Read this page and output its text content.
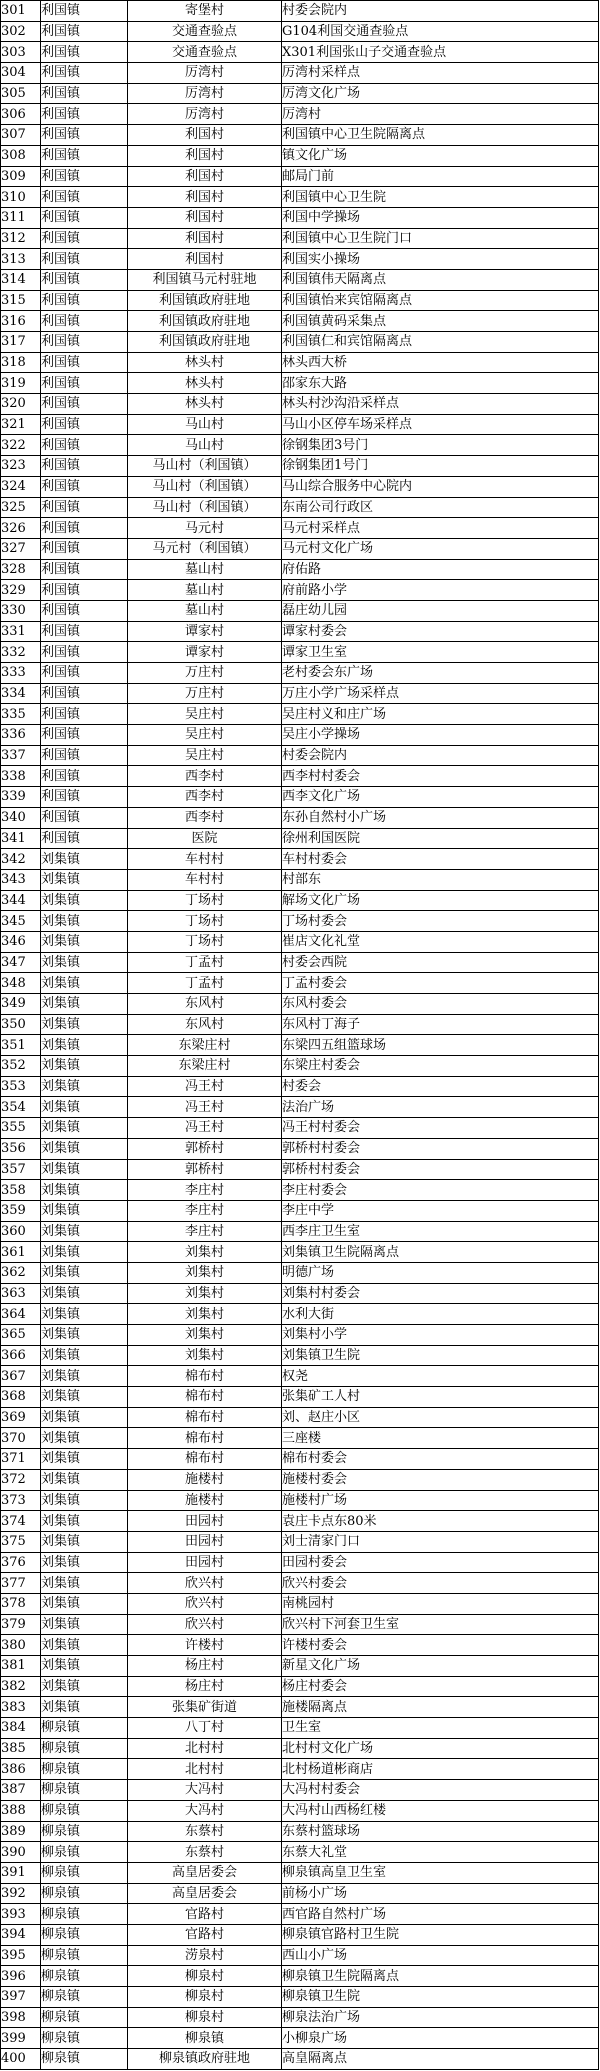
301	利国镇	寄堡村	村委会院内
302	利国镇	交通查验点	G104利国交通查验点
303	利国镇	交通查验点	X301利国张山子交通查验点
304	利国镇	厉湾村	厉湾村采样点
305	利国镇	厉湾村	厉湾文化广场
306	利国镇	厉湾村	厉湾村
307	利国镇	利国村	利国镇中心卫生院隔离点
308	利国镇	利国村	镇文化广场
309	利国镇	利国村	邮局门前
310	利国镇	利国村	利国镇中心卫生院
311	利国镇	利国村	利国中学操场
312	利国镇	利国村	利国镇中心卫生院门口
313	利国镇	利国村	利国实小操场
314	利国镇	利国镇马元村驻地	利国镇伟天隔离点
315	利国镇	利国镇政府驻地	利国镇怡来宾馆隔离点
316	利国镇	利国镇政府驻地	利国镇黄码采集点
317	利国镇	利国镇政府驻地	利国镇仁和宾馆隔离点
318	利国镇	林头村	林头西大桥
319	利国镇	林头村	邵家东大路
320	利国镇	林头村	林头村沙沟沿采样点
321	利国镇	马山村	马山小区停车场采样点
322	利国镇	马山村	徐钢集团3号门
323	利国镇	马山村（利国镇）	徐钢集团1号门
324	利国镇	马山村（利国镇）	马山综合服务中心院内
325	利国镇	马山村（利国镇）	东南公司行政区
326	利国镇	马元村	马元村采样点
327	利国镇	马元村（利国镇）	马元村文化广场
328	利国镇	墓山村	府佑路
329	利国镇	墓山村	府前路小学
330	利国镇	墓山村	磊庄幼儿园
331	利国镇	谭家村	谭家村委会
332	利国镇	谭家村	谭家卫生室
333	利国镇	万庄村	老村委会东广场
334	利国镇	万庄村	万庄小学广场采样点
335	利国镇	吴庄村	吴庄村义和庄广场
336	利国镇	吴庄村	吴庄小学操场
337	利国镇	吴庄村	村委会院内
338	利国镇	西李村	西李村村委会
339	利国镇	西李村	西李文化广场
340	利国镇	西李村	东孙自然村小广场
341	利国镇	医院	徐州利国医院
342	刘集镇	车村村	车村村委会
343	刘集镇	车村村	村部东
344	刘集镇	丁场村	解场文化广场
345	刘集镇	丁场村	丁场村委会
346	刘集镇	丁场村	崔店文化礼堂
347	刘集镇	丁孟村	村委会西院
348	刘集镇	丁孟村	丁孟村委会
349	刘集镇	东风村	东风村委会
350	刘集镇	东风村	东风村丁海子
351	刘集镇	东梁庄村	东梁四五组篮球场
352	刘集镇	东梁庄村	东梁庄村委会
353	刘集镇	冯王村	村委会
354	刘集镇	冯王村	法治广场
355	刘集镇	冯王村	冯王村村委会
356	刘集镇	郭桥村	郭桥村村委会
357	刘集镇	郭桥村	郭桥村村委会
358	刘集镇	李庄村	李庄村委会
359	刘集镇	李庄村	李庄中学
360	刘集镇	李庄村	西李庄卫生室
361	刘集镇	刘集村	刘集镇卫生院隔离点
362	刘集镇	刘集村	明德广场
363	刘集镇	刘集村	刘集村村委会
364	刘集镇	刘集村	水利大街
365	刘集镇	刘集村	刘集村小学
366	刘集镇	刘集村	刘集镇卫生院
367	刘集镇	棉布村	权尧
368	刘集镇	棉布村	张集矿工人村
369	刘集镇	棉布村	刘、赵庄小区
370	刘集镇	棉布村	三座楼
371	刘集镇	棉布村	棉布村委会
372	刘集镇	施楼村	施楼村委会
373	刘集镇	施楼村	施楼村广场
374	刘集镇	田园村	袁庄卡点东80米
375	刘集镇	田园村	刘士清家门口
376	刘集镇	田园村	田园村委会
377	刘集镇	欣兴村	欣兴村委会
378	刘集镇	欣兴村	南桃园村
379	刘集镇	欣兴村	欣兴村下河套卫生室
380	刘集镇	许楼村	许楼村委会
381	刘集镇	杨庄村	新星文化广场
382	刘集镇	杨庄村	杨庄村委会
383	刘集镇	张集矿街道	施楼隔离点
384	柳泉镇	八丁村	卫生室
385	柳泉镇	北村村	北村村文化广场
386	柳泉镇	北村村	北村杨道彬商店
387	柳泉镇	大冯村	大冯村村委会
388	柳泉镇	大冯村	大冯村山西杨红楼
389	柳泉镇	东蔡村	东蔡村篮球场
390	柳泉镇	东蔡村	东蔡大礼堂
391	柳泉镇	高皇居委会	柳泉镇高皇卫生室
392	柳泉镇	高皇居委会	前杨小广场
393	柳泉镇	官路村	西官路自然村广场
394	柳泉镇	官路村	柳泉镇官路村卫生院
395	柳泉镇	涝泉村	西山小广场
396	柳泉镇	柳泉村	柳泉镇卫生院隔离点
397	柳泉镇	柳泉村	柳泉镇卫生院
398	柳泉镇	柳泉村	柳泉法治广场
399	柳泉镇	柳泉镇	小柳泉广场
400	柳泉镇	柳泉镇政府驻地	高皇隔离点
